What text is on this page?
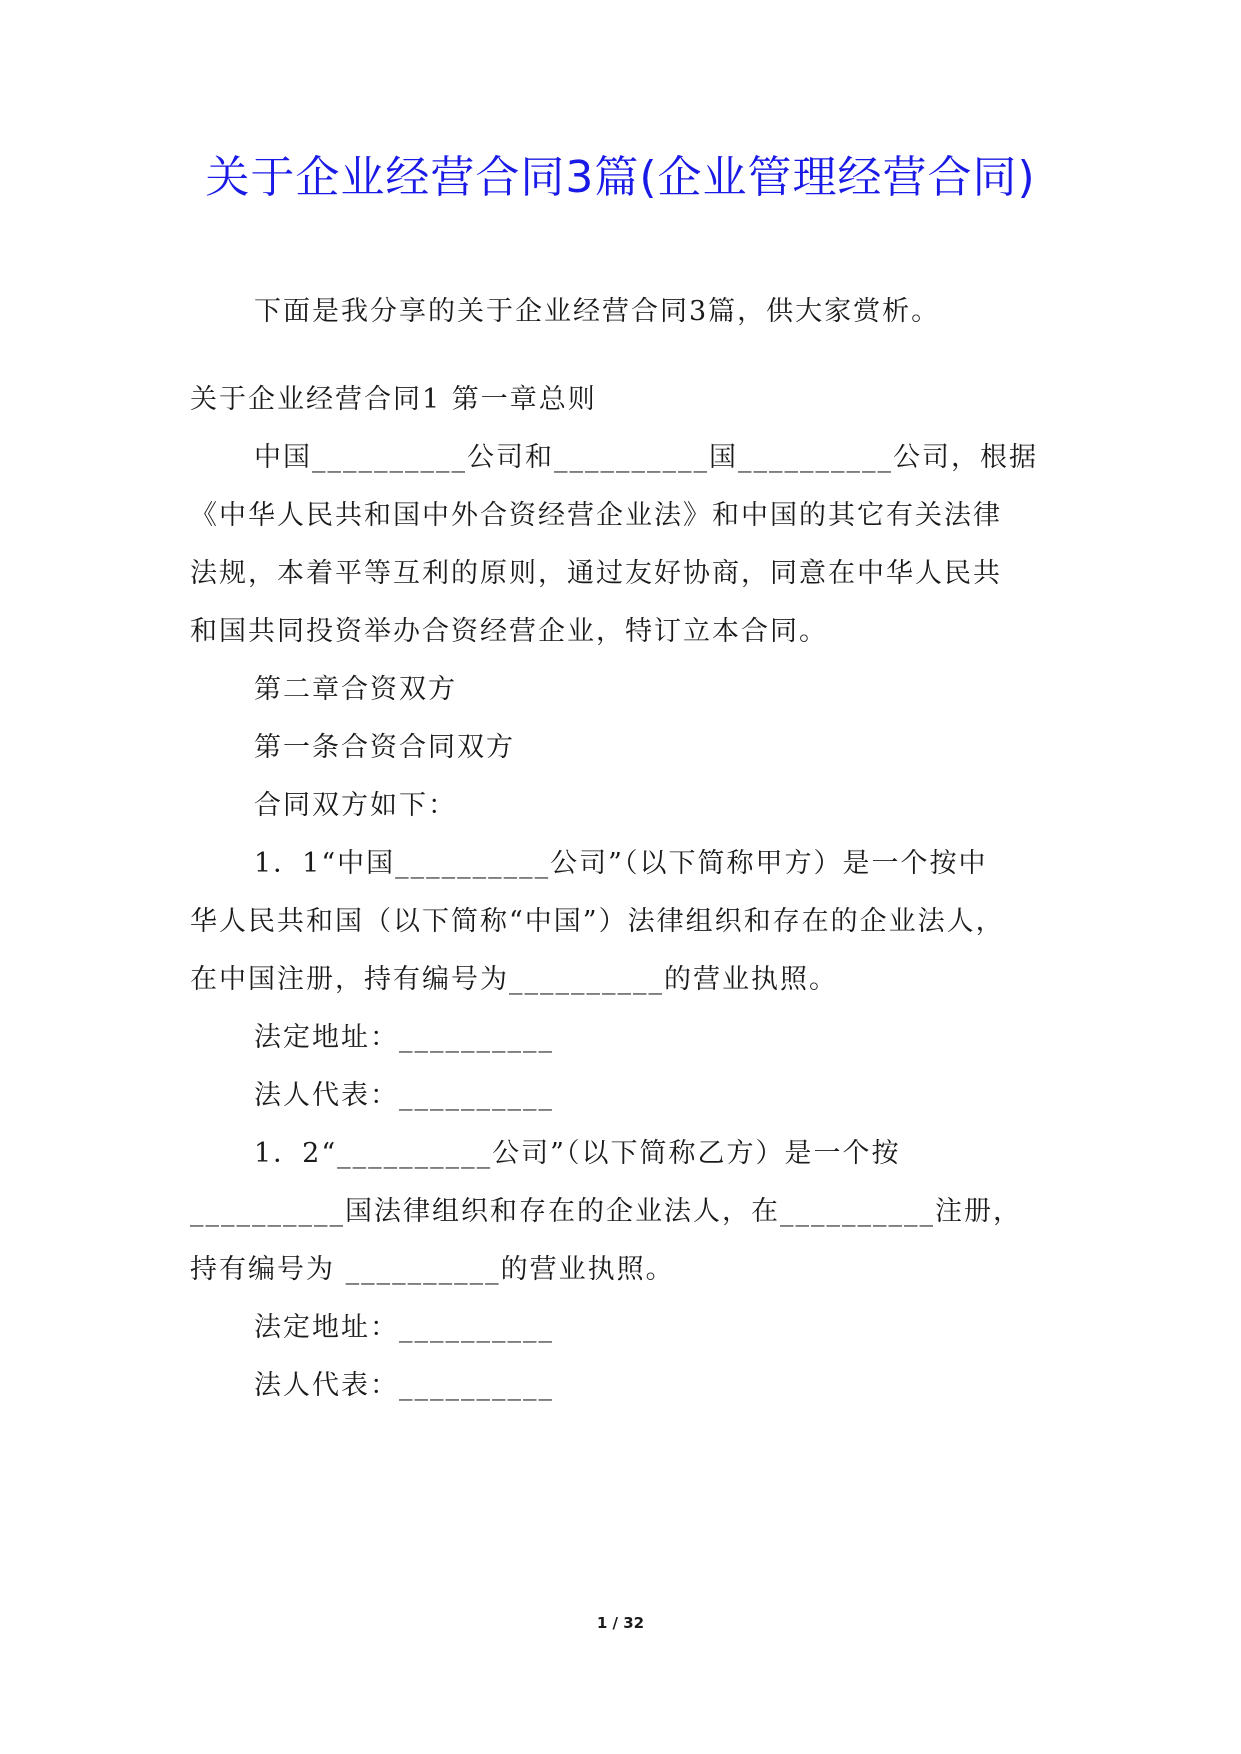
关于企业经营合同3篇(企业管理经营合同)
下面是我分享的关于企业经营合同3篇，供大家赏析。
关于企业经营合同1 第一章总则
中国__________公司和__________国__________公司，根据
《中华人民共和国中外合资经营企业法》和中国的其它有关法律
法规，本着平等互利的原则，通过友好协商，同意在中华人民共
和国共同投资举办合资经营企业，特订立本合同。
第二章合资双方
第一条合资合同双方
合同双方如下：
1．1“中国__________公司”（以下简称甲方）是一个按中
华人民共和国（以下简称“中国”）法律组织和存在的企业法人，
在中国注册，持有编号为__________的营业执照。
法定地址：__________
法人代表：__________
1．2“__________公司”（以下简称乙方）是一个按
__________国法律组织和存在的企业法人，在__________注册，
持有编号为 __________的营业执照。
法定地址：__________
法人代表：__________
1 / 32
